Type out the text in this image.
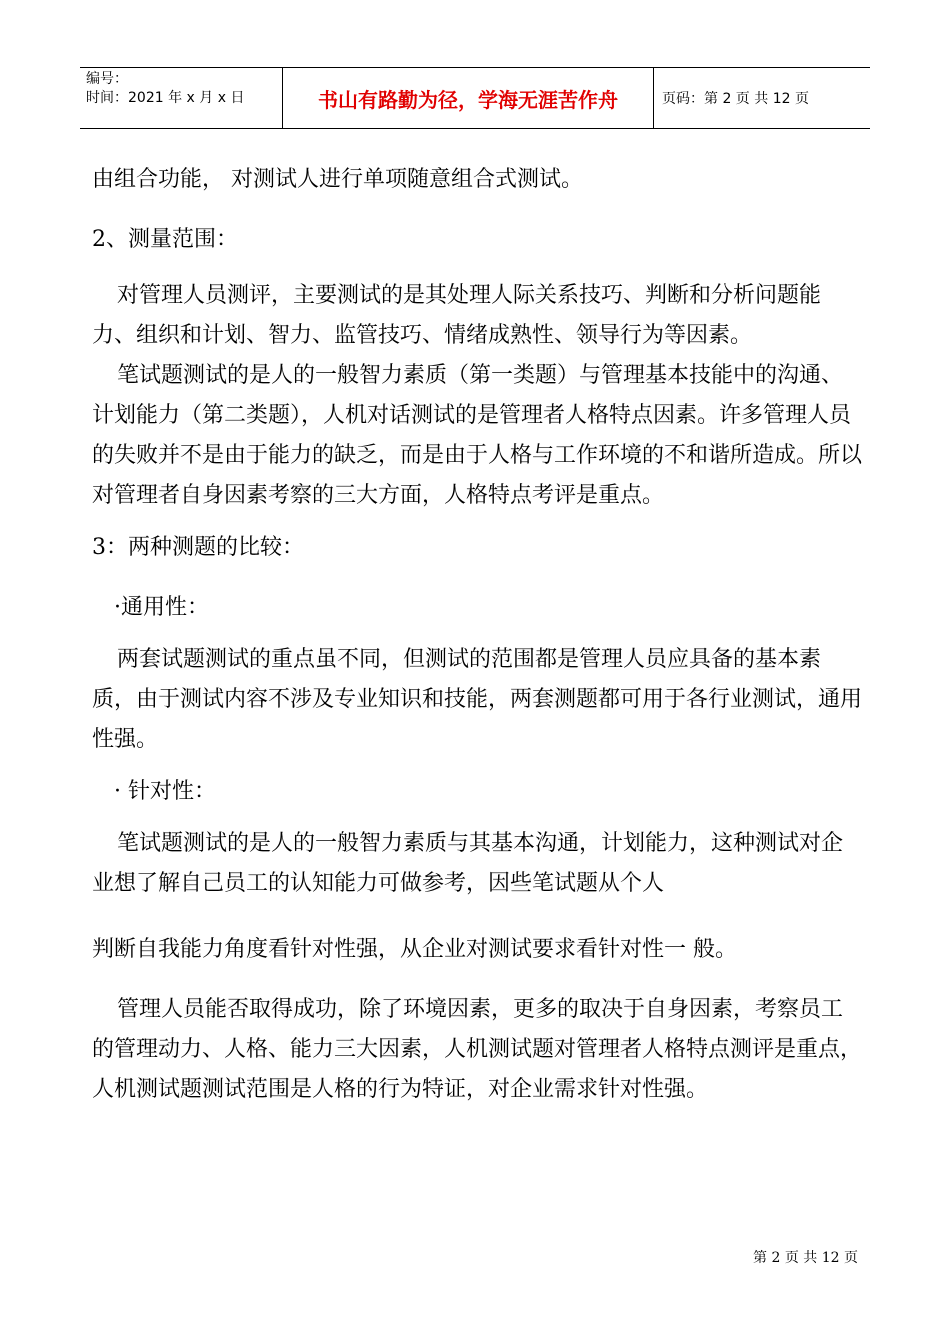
编号：
时间：2021 年 x 月 x 日	书山有路勤为径，学海无涯苦作舟	页码：第 2 页 共 12 页

由组合功能， 对测试人进行单项随意组合式测试。

2、测量范围：

对管理人员测评，主要测试的是其处理人际关系技巧、判断和分析问题能力、组织和计划、智力、监管技巧、情绪成熟性、领导行为等因素。

笔试题测试的是人的一般智力素质（第一类题）与管理基本技能中的沟通、计划能力（第二类题），人机对话测试的是管理者人格特点因素。许多管理人员的失败并不是由于能力的缺乏，而是由于人格与工作环境的不和谐所造成。所以对管理者自身因素考察的三大方面，人格特点考评是重点。

3：两种测题的比较：

·通用性：

两套试题测试的重点虽不同，但测试的范围都是管理人员应具备的基本素质，由于测试内容不涉及专业知识和技能，两套测题都可用于各行业测试，通用性强。

· 针对性：

笔试题测试的是人的一般智力素质与其基本沟通，计划能力，这种测试对企业想了解自己员工的认知能力可做参考，因些笔试题从个人

判断自我能力角度看针对性强，从企业对测试要求看针对性一 般。

管理人员能否取得成功，除了环境因素，更多的取决于自身因素，考察员工的管理动力、人格、能力三大因素，人机测试题对管理者人格特点测评是重点，人机测试题测试范围是人格的行为特证，对企业需求针对性强。

第 2 页 共 12 页
